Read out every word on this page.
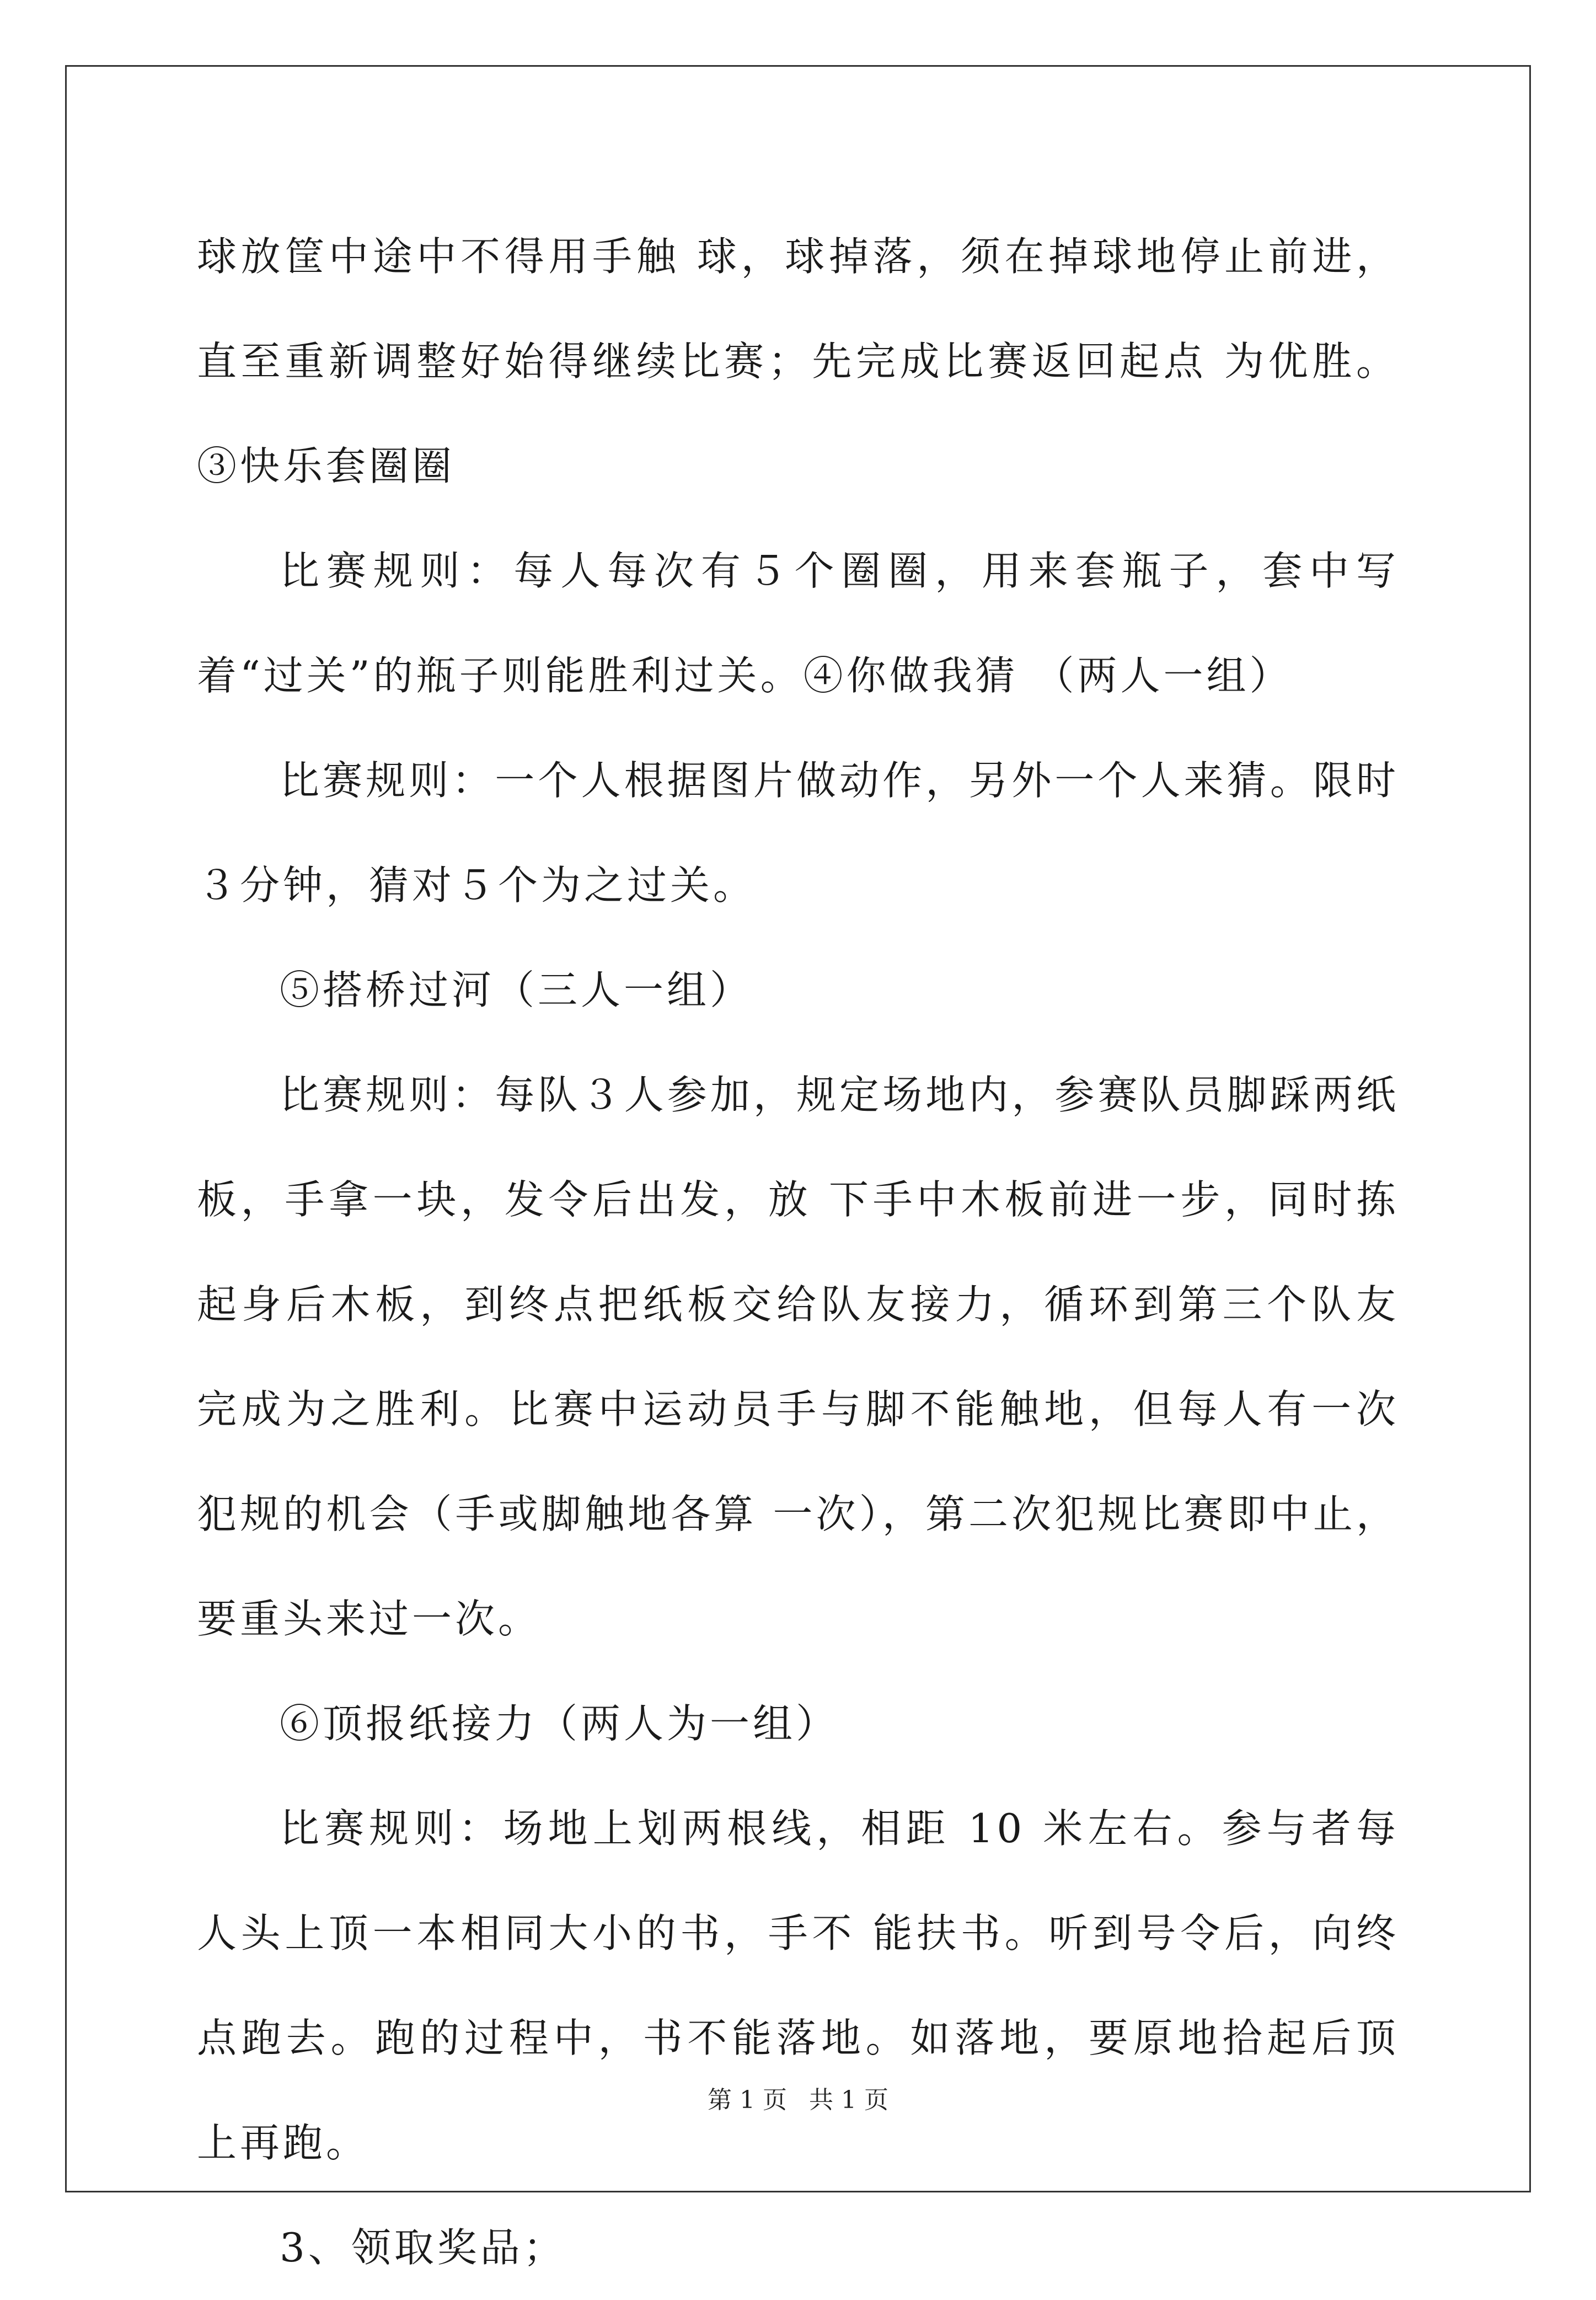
球放筐中途中不得用手触 球，球掉落，须在掉球地停止前进，直至重新调整好始得继续比赛；先完成比赛返回起点 为优胜。③快乐套圈圈

比赛规则：每人每次有５个圈圈，用来套瓶子，套中写着“过关”的瓶子则能胜利过关。④你做我猜 （两人一组）

比赛规则：一个人根据图片做动作，另外一个人来猜。限时３分钟，猜对５个为之过关。

⑤搭桥过河（三人一组）

比赛规则：每队３人参加，规定场地内，参赛队员脚踩两纸板，手拿一块，发令后出发，放 下手中木板前进一步，同时拣起身后木板，到终点把纸板交给队友接力，循环到第三个队友 完成为之胜利。比赛中运动员手与脚不能触地，但每人有一次犯规的机会（手或脚触地各算 一次），第二次犯规比赛即中止，要重头来过一次。

⑥顶报纸接力（两人为一组）

比赛规则：场地上划两根线，相距 10 米左右。参与者每人头上顶一本相同大小的书，手不 能扶书。听到号令后，向终点跑去。跑的过程中，书不能落地。如落地，要原地拾起后顶 上再跑。

3、领取奖品；

第 1 页 共 1 页
